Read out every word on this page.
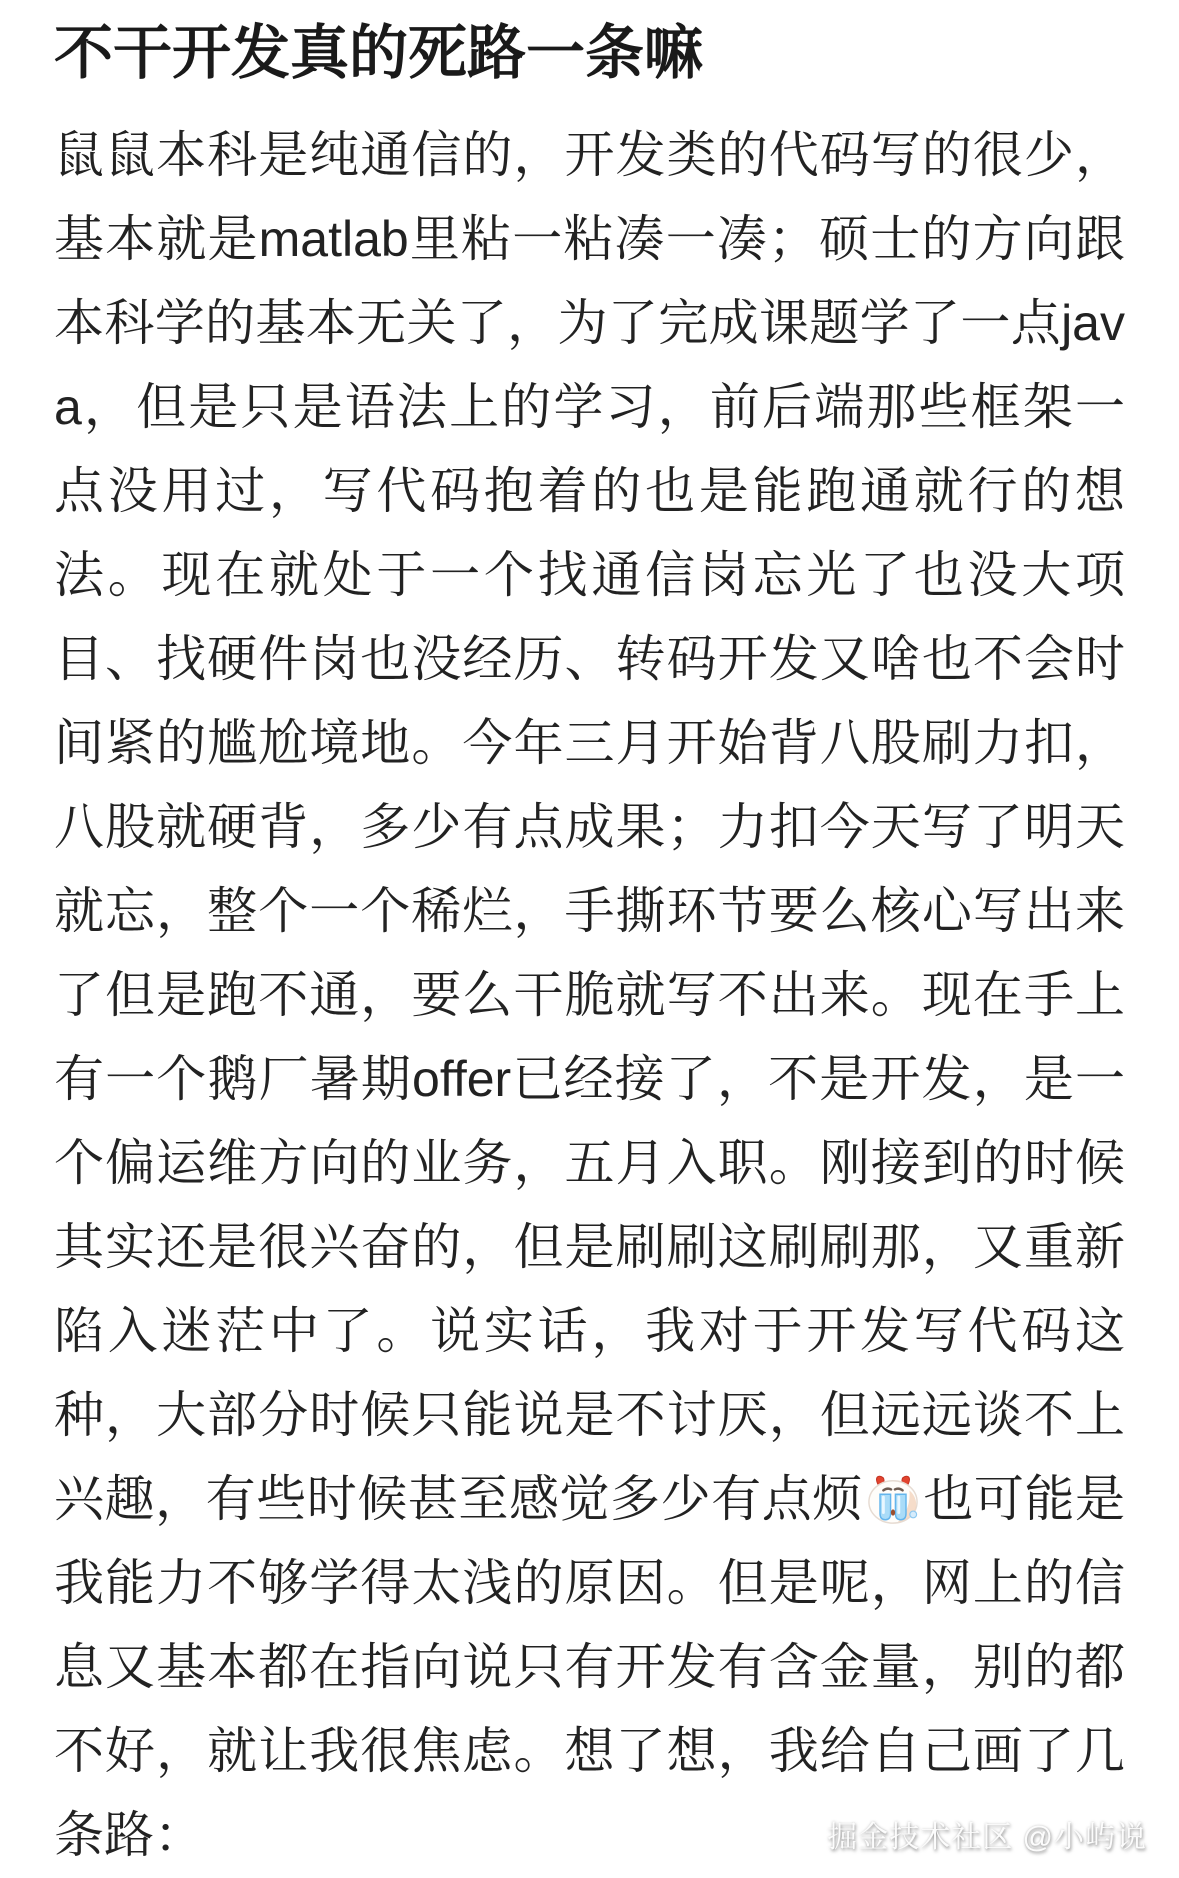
不干开发真的死路一条嘛

鼠鼠本科是纯通信的，开发类的代码写的很少，基本就是matlab里粘一粘凑一凑；硕士的方向跟本科学的基本无关了，为了完成课题学了一点java，但是只是语法上的学习，前后端那些框架一点没用过，写代码抱着的也是能跑通就行的想法。现在就处于一个找通信岗忘光了也没大项目、找硬件岗也没经历、转码开发又啥也不会时间紧的尴尬境地。今年三月开始背八股刷力扣，八股就硬背，多少有点成果；力扣今天写了明天就忘，整个一个稀烂，手撕环节要么核心写出来了但是跑不通，要么干脆就写不出来。现在手上有一个鹅厂暑期offer已经接了，不是开发，是一个偏运维方向的业务，五月入职。刚接到的时候其实还是很兴奋的，但是刷刷这刷刷那，又重新陷入迷茫中了。说实话，我对于开发写代码这种，大部分时候只能说是不讨厌，但远远谈不上兴趣，有些时候甚至感觉多少有点烦 也可能是我能力不够学得太浅的原因。但是呢，网上的信息又基本都在指向说只有开发有含金量，别的都不好，就让我很焦虑。想了想，我给自己画了几条路：	掘金技术社区 @小屿说
